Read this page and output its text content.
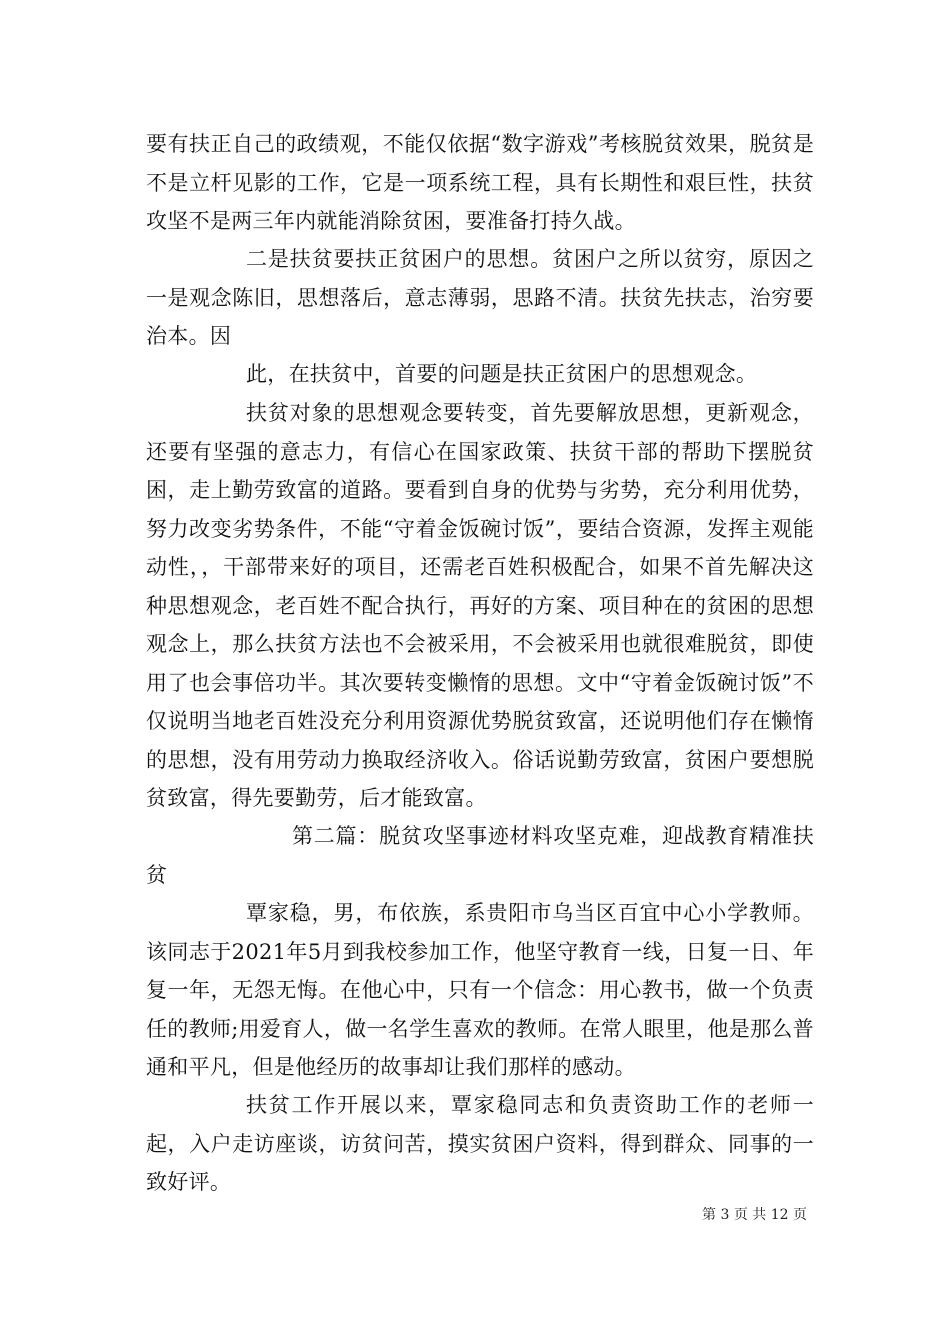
要有扶正自己的政绩观，不能仅依据“数字游戏”考核脱贫效果，脱贫是不是立杆见影的工作，它是一项系统工程，具有长期性和艰巨性，扶贫攻坚不是两三年内就能消除贫困，要准备打持久战。

二是扶贫要扶正贫困户的思想。贫困户之所以贫穷，原因之一是观念陈旧，思想落后，意志薄弱，思路不清。扶贫先扶志，治穷要治本。因

此，在扶贫中，首要的问题是扶正贫困户的思想观念。

扶贫对象的思想观念要转变，首先要解放思想，更新观念，还要有坚强的意志力，有信心在国家政策、扶贫干部的帮助下摆脱贫困，走上勤劳致富的道路。要看到自身的优势与劣势，充分利用优势，努力改变劣势条件，不能“守着金饭碗讨饭”，要结合资源，发挥主观能动性，，干部带来好的项目，还需老百姓积极配合，如果不首先解决这种思想观念，老百姓不配合执行，再好的方案、项目种在的贫困的思想观念上，那么扶贫方法也不会被采用，不会被采用也就很难脱贫，即使用了也会事倍功半。其次要转变懒惰的思想。文中“守着金饭碗讨饭”不仅说明当地老百姓没充分利用资源优势脱贫致富，还说明他们存在懒惰的思想，没有用劳动力换取经济收入。俗话说勤劳致富，贫困户要想脱贫致富，得先要勤劳，后才能致富。

第二篇：脱贫攻坚事迹材料攻坚克难，迎战教育精准扶贫

覃家稳，男，布依族，系贵阳市乌当区百宜中心小学教师。该同志于2021年5月到我校参加工作，他坚守教育一线，日复一日、年复一年，无怨无悔。在他心中，只有一个信念：用心教书，做一个负责任的教师;用爱育人，做一名学生喜欢的教师。在常人眼里，他是那么普通和平凡，但是他经历的故事却让我们那样的感动。

扶贫工作开展以来，覃家稳同志和负责资助工作的老师一起，入户走访座谈，访贫问苦，摸实贫困户资料，得到群众、同事的一致好评。

第 3 页 共 12 页
